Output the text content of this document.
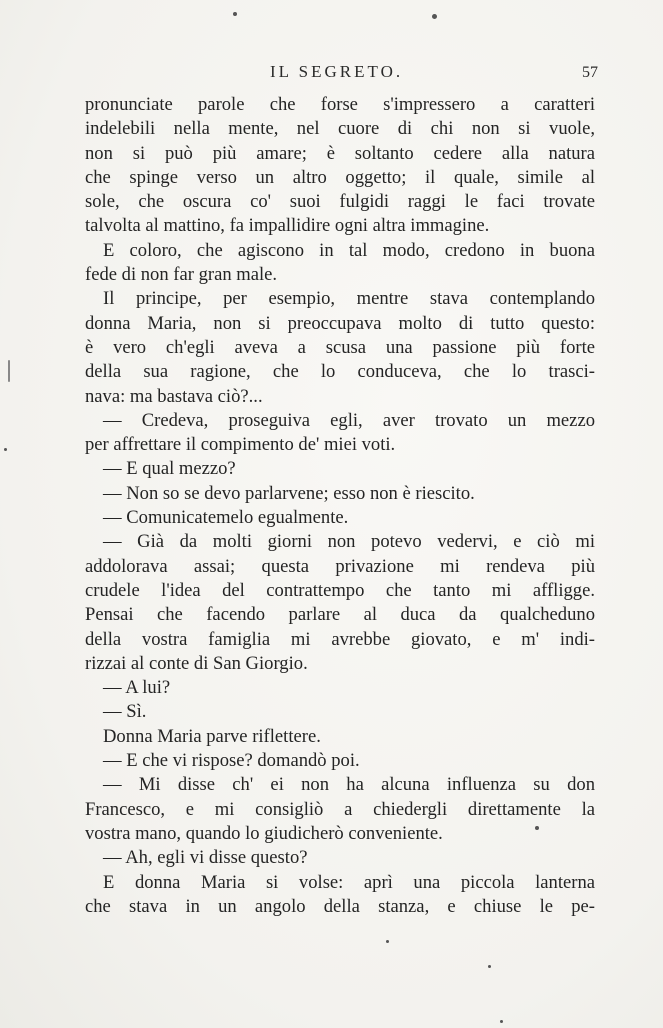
IL SEGRETO.	57
pronunciate parole che forse s'impressero a caratteri
indelebili nella mente, nel cuore di chi non si vuole,
non si può più amare; è soltanto cedere alla natura
che spinge verso un altro oggetto; il quale, simile al
sole, che oscura co' suoi fulgidi raggi le faci trovate
talvolta al mattino, fa impallidire ogni altra immagine.
E coloro, che agiscono in tal modo, credono in buona
fede di non far gran male.
Il principe, per esempio, mentre stava contemplando
donna Maria, non si preoccupava molto di tutto questo:
è vero ch'egli aveva a scusa una passione più forte
della sua ragione, che lo conduceva, che lo trasci-
nava: ma bastava ciò?...
— Credeva, proseguiva egli, aver trovato un mezzo
per affrettare il compimento de' miei voti.
— E qual mezzo?
— Non so se devo parlarvene; esso non è riescito.
— Comunicatemelo egualmente.
— Già da molti giorni non potevo vedervi, e ciò mi
addolorava assai; questa privazione mi rendeva più
crudele l'idea del contrattempo che tanto mi affligge.
Pensai che facendo parlare al duca da qualcheduno
della vostra famiglia mi avrebbe giovato, e m' indi-
rizzai al conte di San Giorgio.
— A lui?
— Sì.
Donna Maria parve riflettere.
— E che vi rispose? domandò poi.
— Mi disse ch' ei non ha alcuna influenza su don
Francesco, e mi consigliò a chiedergli direttamente la
vostra mano, quando lo giudicherò conveniente.
— Ah, egli vi disse questo?
E donna Maria si volse: aprì una piccola lanterna
che stava in un angolo della stanza, e chiuse le pe-
